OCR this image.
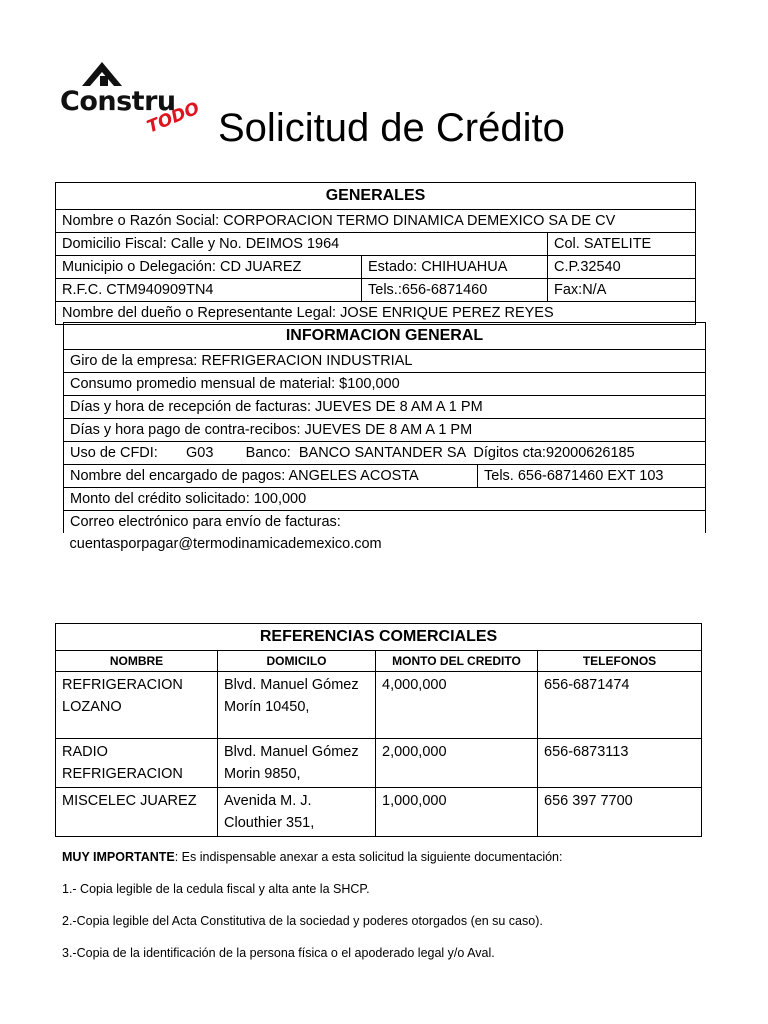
Constru
TODO Solicitud de Crédito
GENERALES		
Nombre o Razón Social: CORPORACION TERMO DINAMICA DEMEXICO SA DE CV		
Domicilio Fiscal: Calle y No. DEIMOS 1964		Col. SATELITE
Municipio o Delegación: CD JUAREZ	Estado: CHIHUAHUA	C.P.32540
R.F.C. CTM940909TN4	Tels.:656-6871460	Fax:N/A
Nombre del dueño o Representante Legal: JOSE ENRIQUE PEREZ REYES		
INFORMACION GENERAL
Giro de la empresa: REFRIGERACION INDUSTRIAL
Consumo promedio mensual de material: $100,000
Días y hora de recepción de facturas: JUEVES DE 8 AM A 1 PM
Días y hora pago de contra-recibos: JUEVES DE 8 AM A 1 PM
Uso de CFDI:       G03        Banco:  BANCO SANTANDER SA  Dígitos cta:92000626185
Nombre del encargado de pagos: ANGELES ACOSTA	Tels. 656-6871460 EXT 103
Monto del crédito solicitado: 100,000
Correo electrónico para envío de facturas:
cuentasporpagar@termodinamicademexico.com
REFERENCIAS COMERCIALES			
NOMBRE	DOMICILO	MONTO DEL CREDITO	TELEFONOS
REFRIGERACION LOZANO	Blvd. Manuel Gómez Morín 10450,	4,000,000	656-6871474
RADIO REFRIGERACION	Blvd. Manuel Gómez Morin 9850,	2,000,000	656-6873113
MISCELEC JUAREZ	Avenida M. J. Clouthier 351,	1,000,000	656 397 7700

MUY IMPORTANTE: Es indispensable anexar a esta solicitud la siguiente documentación:

1.- Copia legible de la cedula fiscal y alta ante la SHCP.

2.-Copia legible del Acta Constitutiva de la sociedad y poderes otorgados (en su caso).

3.-Copia de la identificación de la persona física o el apoderado legal y/o Aval.
